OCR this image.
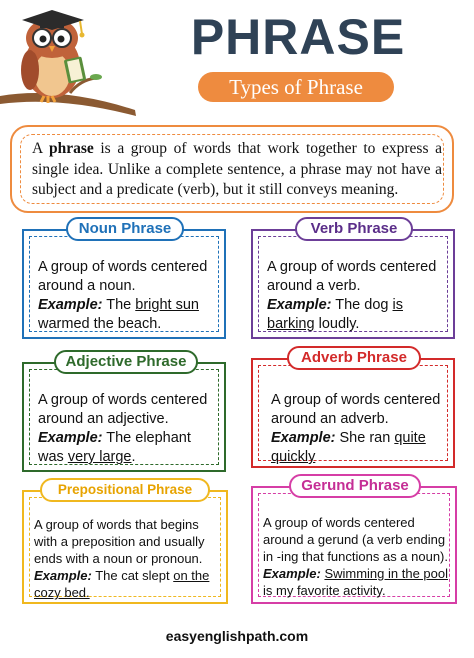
PHRASE
Types of Phrase
A phrase is a group of words that work together to express a single idea. Unlike a complete sentence, a phrase may not have a subject and a predicate (verb), but it still conveys meaning.
Noun Phrase
A group of words centered around a noun.
Example: The bright sun warmed the beach.
Verb Phrase
A group of words centered around a verb.
Example: The dog is barking loudly.
Adjective Phrase
A group of words centered around an adjective.
Example: The elephant was very large.
Adverb Phrase
A group of words centered around an adverb.
Example: She ran quite quickly
Prepositional Phrase
A group of words that begins with a preposition and usually ends with a noun or pronoun.
Example: The cat slept on the cozy bed.
Gerund Phrase
A group of words centered around a gerund (a verb ending in -ing that functions as a noun).
Example: Swimming in the pool is my favorite activity.
easyenglishpath.com
